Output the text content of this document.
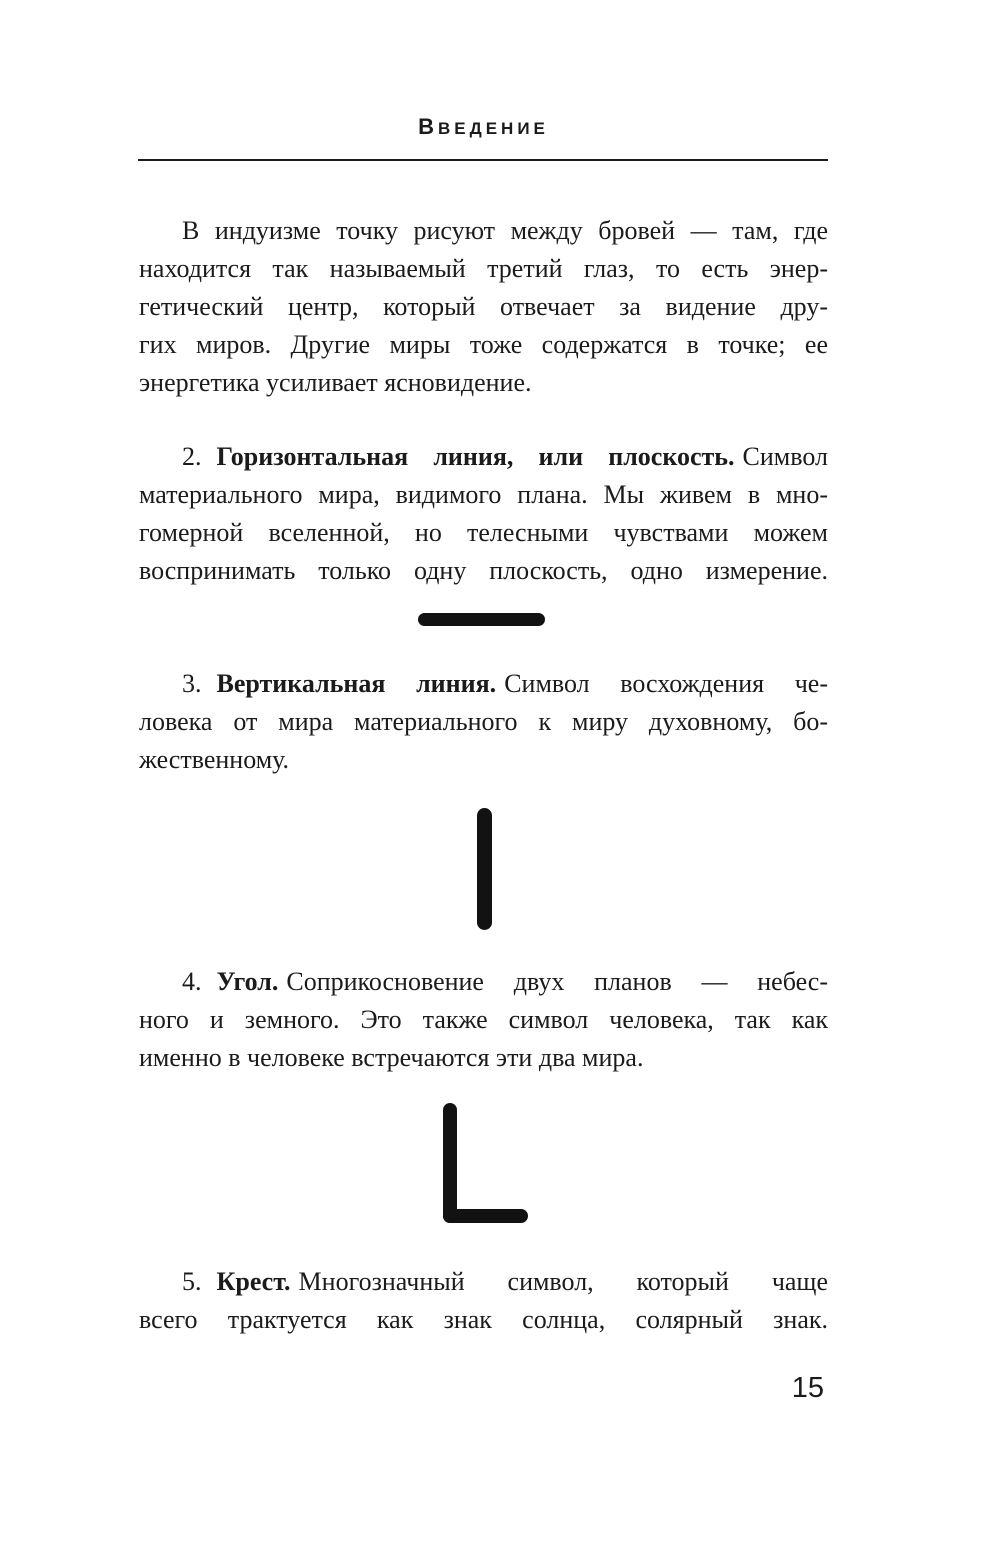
ВВЕДЕНИЕ
В индуизме точку рисуют между бровей — там, где
находится так называемый третий глаз, то есть энер-
гетический центр, который отвечает за видение дру-
гих миров. Другие миры тоже содержатся в точке; ее
энергетика усиливает ясновидение.
2. Горизонтальная линия, или плоскость. Символ
материального мира, видимого плана. Мы живем в мно-
гомерной вселенной, но телесными чувствами можем
воспринимать только одну плоскость, одно измерение.
3. Вертикальная линия. Символ восхождения че-
ловека от мира материального к миру духовному, бо-
жественному.
4. Угол. Соприкосновение двух планов — небес-
ного и земного. Это также символ человека, так как
именно в человеке встречаются эти два мира.
5. Крест. Многозначный символ, который чаще
всего трактуется как знак солнца, солярный знак.
15
